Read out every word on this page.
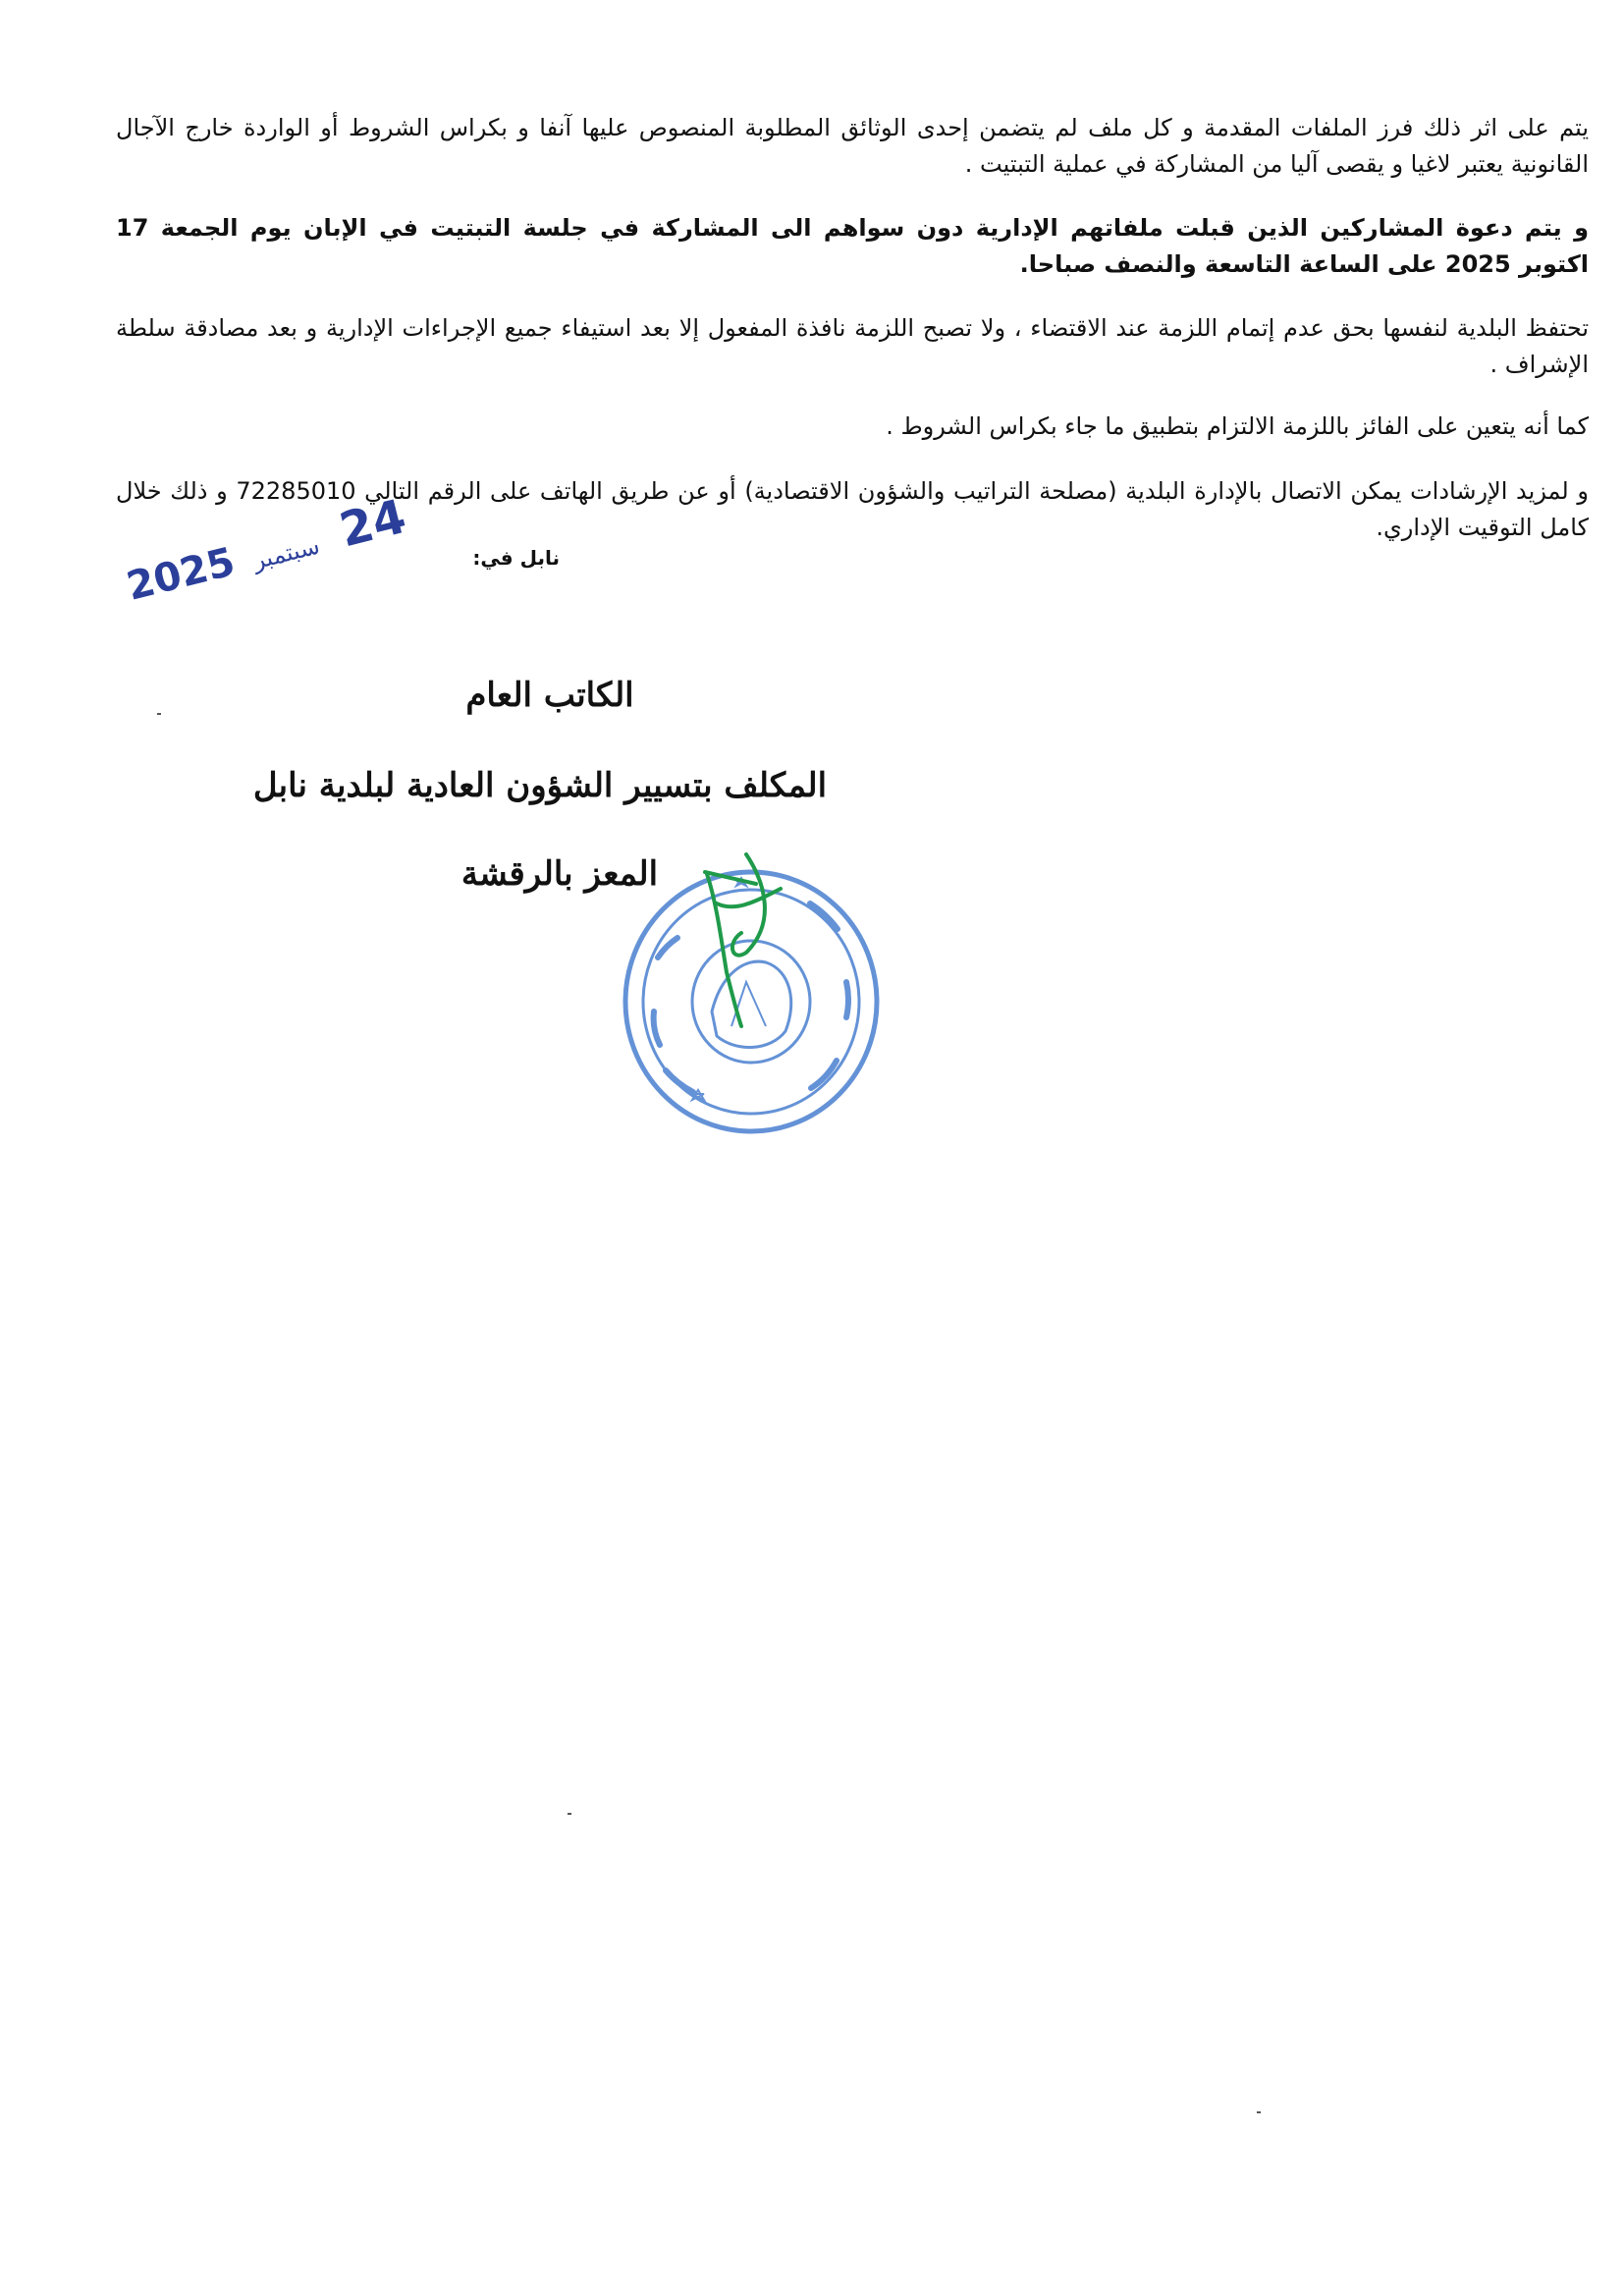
يتم على اثر ذلك فرز الملفات المقدمة و كل ملف لم يتضمن إحدى الوثائق المطلوبة المنصوص عليها آنفا و بكراس الشروط أو الواردة خارج الآجال القانونية يعتبر لاغيا و يقصى آليا من المشاركة في عملية التبتيت .

و يتم دعوة المشاركين الذين قبلت ملفاتهم الإدارية دون سواهم الى المشاركة في جلسة التبتيت في الإبان يوم الجمعة 17 اكتوبر 2025 على الساعة التاسعة والنصف صباحا.

تحتفظ البلدية لنفسها بحق عدم إتمام اللزمة عند الاقتضاء ، ولا تصبح اللزمة نافذة المفعول إلا بعد استيفاء جميع الإجراءات الإدارية و بعد مصادقة سلطة الإشراف .

كما أنه يتعين على الفائز باللزمة الالتزام بتطبيق ما جاء بكراس الشروط .

و لمزيد الإرشادات يمكن الاتصال بالإدارة البلدية (مصلحة التراتيب والشؤون الاقتصادية) أو عن طريق الهاتف على الرقم التالي 72285010 و ذلك خلال كامل التوقيت الإداري.

نابل في:
24 سبتمبر 2025
الكاتب العام
المكلف بتسيير الشؤون العادية لبلدية نابل
المعز بالرقشة
